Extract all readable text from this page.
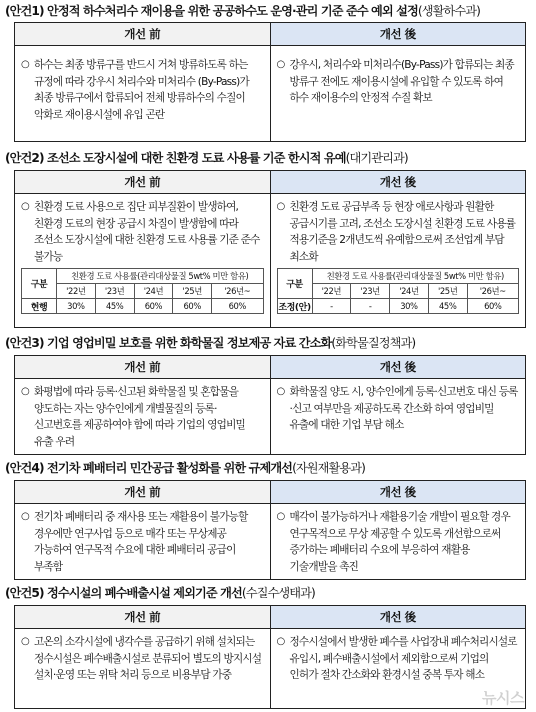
(안건1) 안정적 하수처리수 재이용을 위한 공공하수도 운영·관리 기준 준수 예외 설정(생활하수과)
개선 前	개선 後
○ 하수는 최종 방류구를 반드시 거쳐 방류하도록 하는 규정에 따라 강우시 처리수와 미처리수 (By-Pass)가 최종 방류구에서 합류되어 전체 방류하수의 수질이 악화로 재이용시설에 유입 곤란
○ 강우시, 처리수와 미처리수(By-Pass)가 합류되는 최종 방류구 전에도 재이용시설에 유입할 수 있도록 하여 하수 재이용수의 안정적 수질 확보
(안건2) 조선소 도장시설에 대한 친환경 도료 사용률 기준 한시적 유예(대기관리과)
개선 前	개선 後
○ 친환경 도료 사용으로 집단 피부질환이 발생하여, 친환경 도료의 현장 공급시 차질이 발생함에 따라 조선소 도장시설에 대한 친환경 도료 사용률 기준 준수 불가능
구분	친환경 도료 사용률(관리대상물질 5wt% 미만 함유)				
	'22년	'23년	'24년	'25년	'26년~
현행	30%	45%	60%	60%	60%
○ 친환경 도료 공급부족 등 현장 애로사항과 원활한 공급시기를 고려, 조선소 도장시설 친환경 도료 사용률 적용기준을 2개년도씩 유예함으로써 조선업계 부담 최소화
구분	친환경 도료 사용률(관리대상물질 5wt% 미만 함유)				
	'22년	'23년	'24년	'25년	'26년~
조정(안)	-	-	30%	45%	60%
(안건3) 기업 영업비밀 보호를 위한 화학물질 정보제공 자료 간소화(화학물질정책과)
개선 前	개선 後
○ 화평법에 따라 등록·신고된 화학물질 및 혼합물을 양도하는 자는 양수인에게 개별물질의 등록·신고번호를 제공하여야 함에 따라 기업의 영업비밀 유출 우려
○ 화학물질 양도 시, 양수인에게 등록·신고번호 대신 등록·신고 여부만을 제공하도록 간소화 하여 영업비밀 유출에 대한 기업 부담 해소
(안건4) 전기차 폐배터리 민간공급 활성화를 위한 규제개선(자원재활용과)
개선 前	개선 後
○ 전기차 폐배터리 중 재사용 또는 재활용이 불가능할 경우에만 연구사업 등으로 매각 또는 무상제공 가능하여 연구목적 수요에 대한 폐배터리 공급이 부족함
○ 매각이 불가능하거나 재활용기술 개발이 필요할 경우 연구목적으로 무상 제공할 수 있도록 개선함으로써 증가하는 폐배터리 수요에 부응하여 재활용 기술개발을 촉진
(안건5) 정수시설의 폐수배출시설 제외기준 개선(수질수생태과)
개선 前	개선 後
○ 고온의 소각시설에 냉각수를 공급하기 위해 설치되는 정수시설은 폐수배출시설로 분류되어 별도의 방지시설 설치·운영 또는 위탁 처리 등으로 비용부담 가중
○ 정수시설에서 발생한 폐수를 사업장내 폐수처리시설로 유입시, 폐수배출시설에서 제외함으로써 기업의 인허가 절차 간소화와 환경시설 중복 투자 해소
뉴시스
